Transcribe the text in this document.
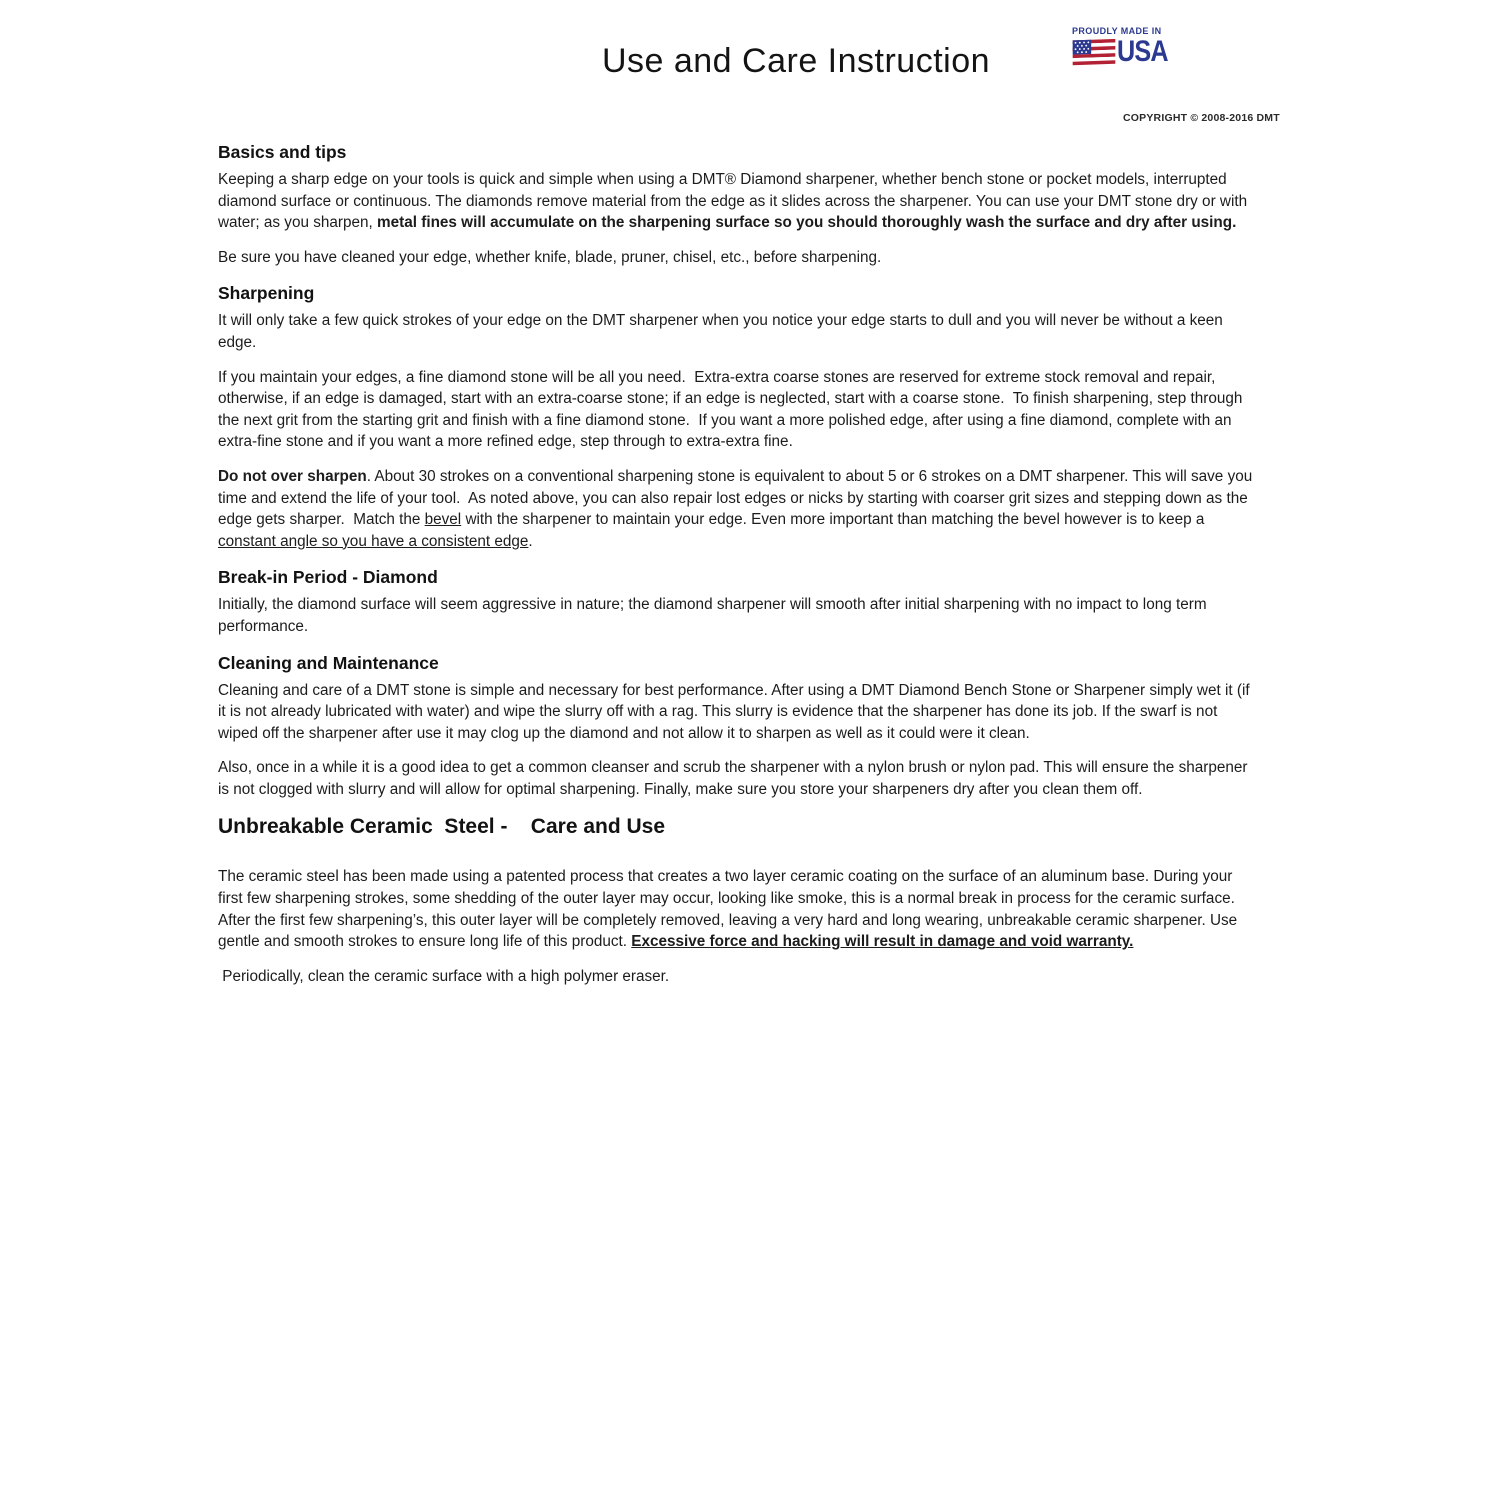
Use and Care Instruction
PROUDLY MADE IN
USA
COPYRIGHT © 2008-2016 DMT
Basics and tips

Keeping a sharp edge on your tools is quick and simple when using a DMT® Diamond sharpener, whether bench stone or pocket models, interrupted diamond surface or continuous. The diamonds remove material from the edge as it slides across the sharpener. You can use your DMT stone dry or with water; as you sharpen, metal fines will accumulate on the sharpening surface so you should thoroughly wash the surface and dry after using.

Be sure you have cleaned your edge, whether knife, blade, pruner, chisel, etc., before sharpening.

Sharpening

It will only take a few quick strokes of your edge on the DMT sharpener when you notice your edge starts to dull and you will never be without a keen edge.

If you maintain your edges, a fine diamond stone will be all you need.  Extra-extra coarse stones are reserved for extreme stock removal and repair, otherwise, if an edge is damaged, start with an extra-coarse stone; if an edge is neglected, start with a coarse stone.  To finish sharpening, step through the next grit from the starting grit and finish with a fine diamond stone.  If you want a more polished edge, after using a fine diamond, complete with an extra-fine stone and if you want a more refined edge, step through to extra-extra fine.

Do not over sharpen. About 30 strokes on a conventional sharpening stone is equivalent to about 5 or 6 strokes on a DMT sharpener. This will save you time and extend the life of your tool.  As noted above, you can also repair lost edges or nicks by starting with coarser grit sizes and stepping down as the edge gets sharper.  Match the bevel with the sharpener to maintain your edge. Even more important than matching the bevel however is to keep a constant angle so you have a consistent edge.

Break-in Period - Diamond

Initially, the diamond surface will seem aggressive in nature; the diamond sharpener will smooth after initial sharpening with no impact to long term performance.

Cleaning and Maintenance

Cleaning and care of a DMT stone is simple and necessary for best performance. After using a DMT Diamond Bench Stone or Sharpener simply wet it (if it is not already lubricated with water) and wipe the slurry off with a rag. This slurry is evidence that the sharpener has done its job. If the swarf is not wiped off the sharpener after use it may clog up the diamond and not allow it to sharpen as well as it could were it clean.

Also, once in a while it is a good idea to get a common cleanser and scrub the sharpener with a nylon brush or nylon pad. This will ensure the sharpener is not clogged with slurry and will allow for optimal sharpening. Finally, make sure you store your sharpeners dry after you clean them off.

Unbreakable Ceramic  Steel -    Care and Use

The ceramic steel has been made using a patented process that creates a two layer ceramic coating on the surface of an aluminum base. During your first few sharpening strokes, some shedding of the outer layer may occur, looking like smoke, this is a normal break in process for the ceramic surface. After the first few sharpening’s, this outer layer will be completely removed, leaving a very hard and long wearing, unbreakable ceramic sharpener. Use gentle and smooth strokes to ensure long life of this product. Excessive force and hacking will result in damage and void warranty.

Periodically, clean the ceramic surface with a high polymer eraser.
